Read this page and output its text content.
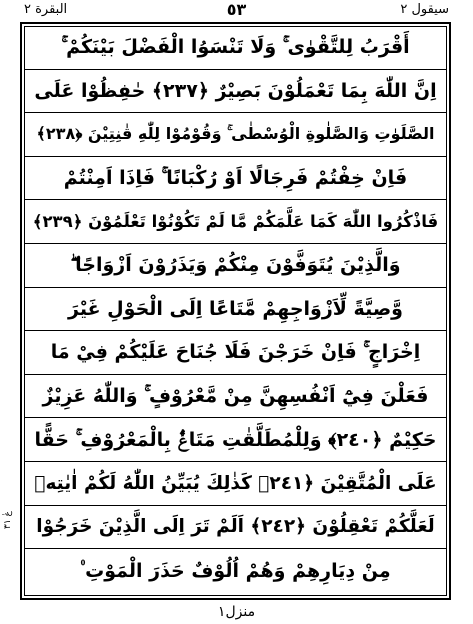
البقرة ٢	٥٣	سيقول ٢
أَقْرَبُ لِلتَّقْوٰى ۚ وَلَا تَنْسَوُا الْفَضْلَ بَيْنَكُمْ ۚ
اِنَّ اللّٰهَ بِمَا تَعْمَلُوْنَ بَصِيْرٌ ﴿٢٣٧﴾ حٰفِظُوْا عَلَى
الصَّلَوٰتِ وَالصَّلٰوةِ الْوُسْطٰى ۚ وَقُوْمُوْا لِلّٰهِ قٰنِتِيْنَ ﴿٢٣٨﴾
فَاِنْ خِفْتُمْ فَرِجَالًا اَوْ رُكْبَانًا ۚ فَاِذَا اَمِنْتُمْ
فَاذْكُرُوا اللّٰهَ كَمَا عَلَّمَكُمْ مَّا لَمْ تَكُوْنُوْا تَعْلَمُوْنَ ﴿٢٣٩﴾
وَالَّذِيْنَ يُتَوَفَّوْنَ مِنْكُمْ وَيَذَرُوْنَ اَزْوَاجًا ۖ
وَّصِيَّةً لِّاَزْوَاجِهِمْ مَّتَاعًا اِلَى الْحَوْلِ غَيْرَ
اِخْرَاجٍ ۚ فَاِنْ خَرَجْنَ فَلَا جُنَاحَ عَلَيْكُمْ فِيْ مَا
فَعَلْنَ فِيْٓ اَنْفُسِهِنَّ مِنْ مَّعْرُوْفٍ ۚ وَاللّٰهُ عَزِيْزٌ
حَكِيْمٌ ﴿٢٤٠﴾ وَلِلْمُطَلَّقٰتِ مَتَاعٌۢ بِالْمَعْرُوْفِ ۚ حَقًّا
عَلَى الْمُتَّقِيْنَ ﴿٢٤١﴾ كَذٰلِكَ يُبَيِّنُ اللّٰهُ لَكُمْ اٰيٰتِهٖ
لَعَلَّكُمْ تَعْقِلُوْنَ ﴿٢٤٢﴾ اَلَمْ تَرَ اِلَى الَّذِيْنَ خَرَجُوْا
مِنْ دِيَارِهِمْ وَهُمْ اُلُوْفٌ حَذَرَ الْمَوْتِ ۠
عٰ ٣١
منزل١
